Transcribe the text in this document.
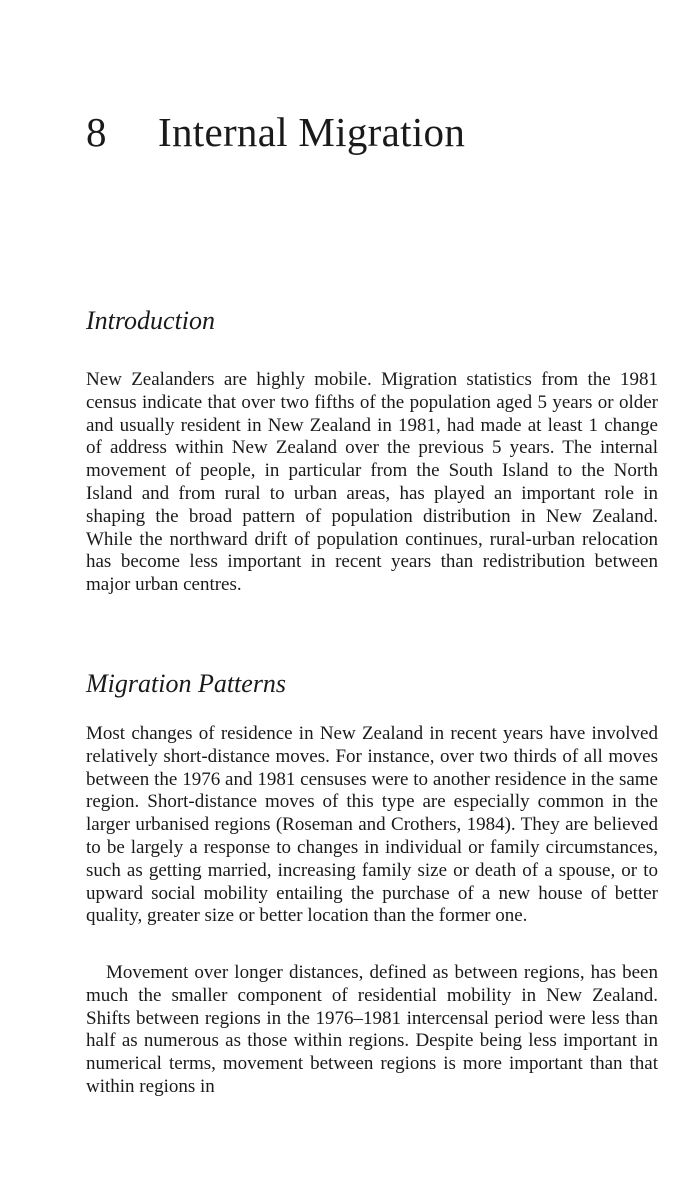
8 Internal Migration
Introduction

New Zealanders are highly mobile. Migration statistics from the 1981 census indicate that over two fifths of the population aged 5 years or older and usually resident in New Zealand in 1981, had made at least 1 change of address within New Zealand over the previous 5 years. The internal movement of people, in particular from the South Island to the North Island and from rural to urban areas, has played an important role in shaping the broad pattern of population distribution in New Zealand. While the northward drift of population continues, rural-urban relocation has become less important in recent years than redistribution between major urban centres.

Migration Patterns

Most changes of residence in New Zealand in recent years have involved relatively short-distance moves. For instance, over two thirds of all moves between the 1976 and 1981 censuses were to another residence in the same region. Short-distance moves of this type are especially common in the larger urbanised regions (Roseman and Crothers, 1984). They are believed to be largely a response to changes in individual or family circumstances, such as getting married, increasing family size or death of a spouse, or to upward social mobility entailing the purchase of a new house of better quality, greater size or better location than the former one.

Movement over longer distances, defined as between regions, has been much the smaller component of residential mobility in New Zealand. Shifts between regions in the 1976–1981 intercensal period were less than half as numerous as those within regions. Despite being less important in numerical terms, movement between regions is more important than that within regions in
